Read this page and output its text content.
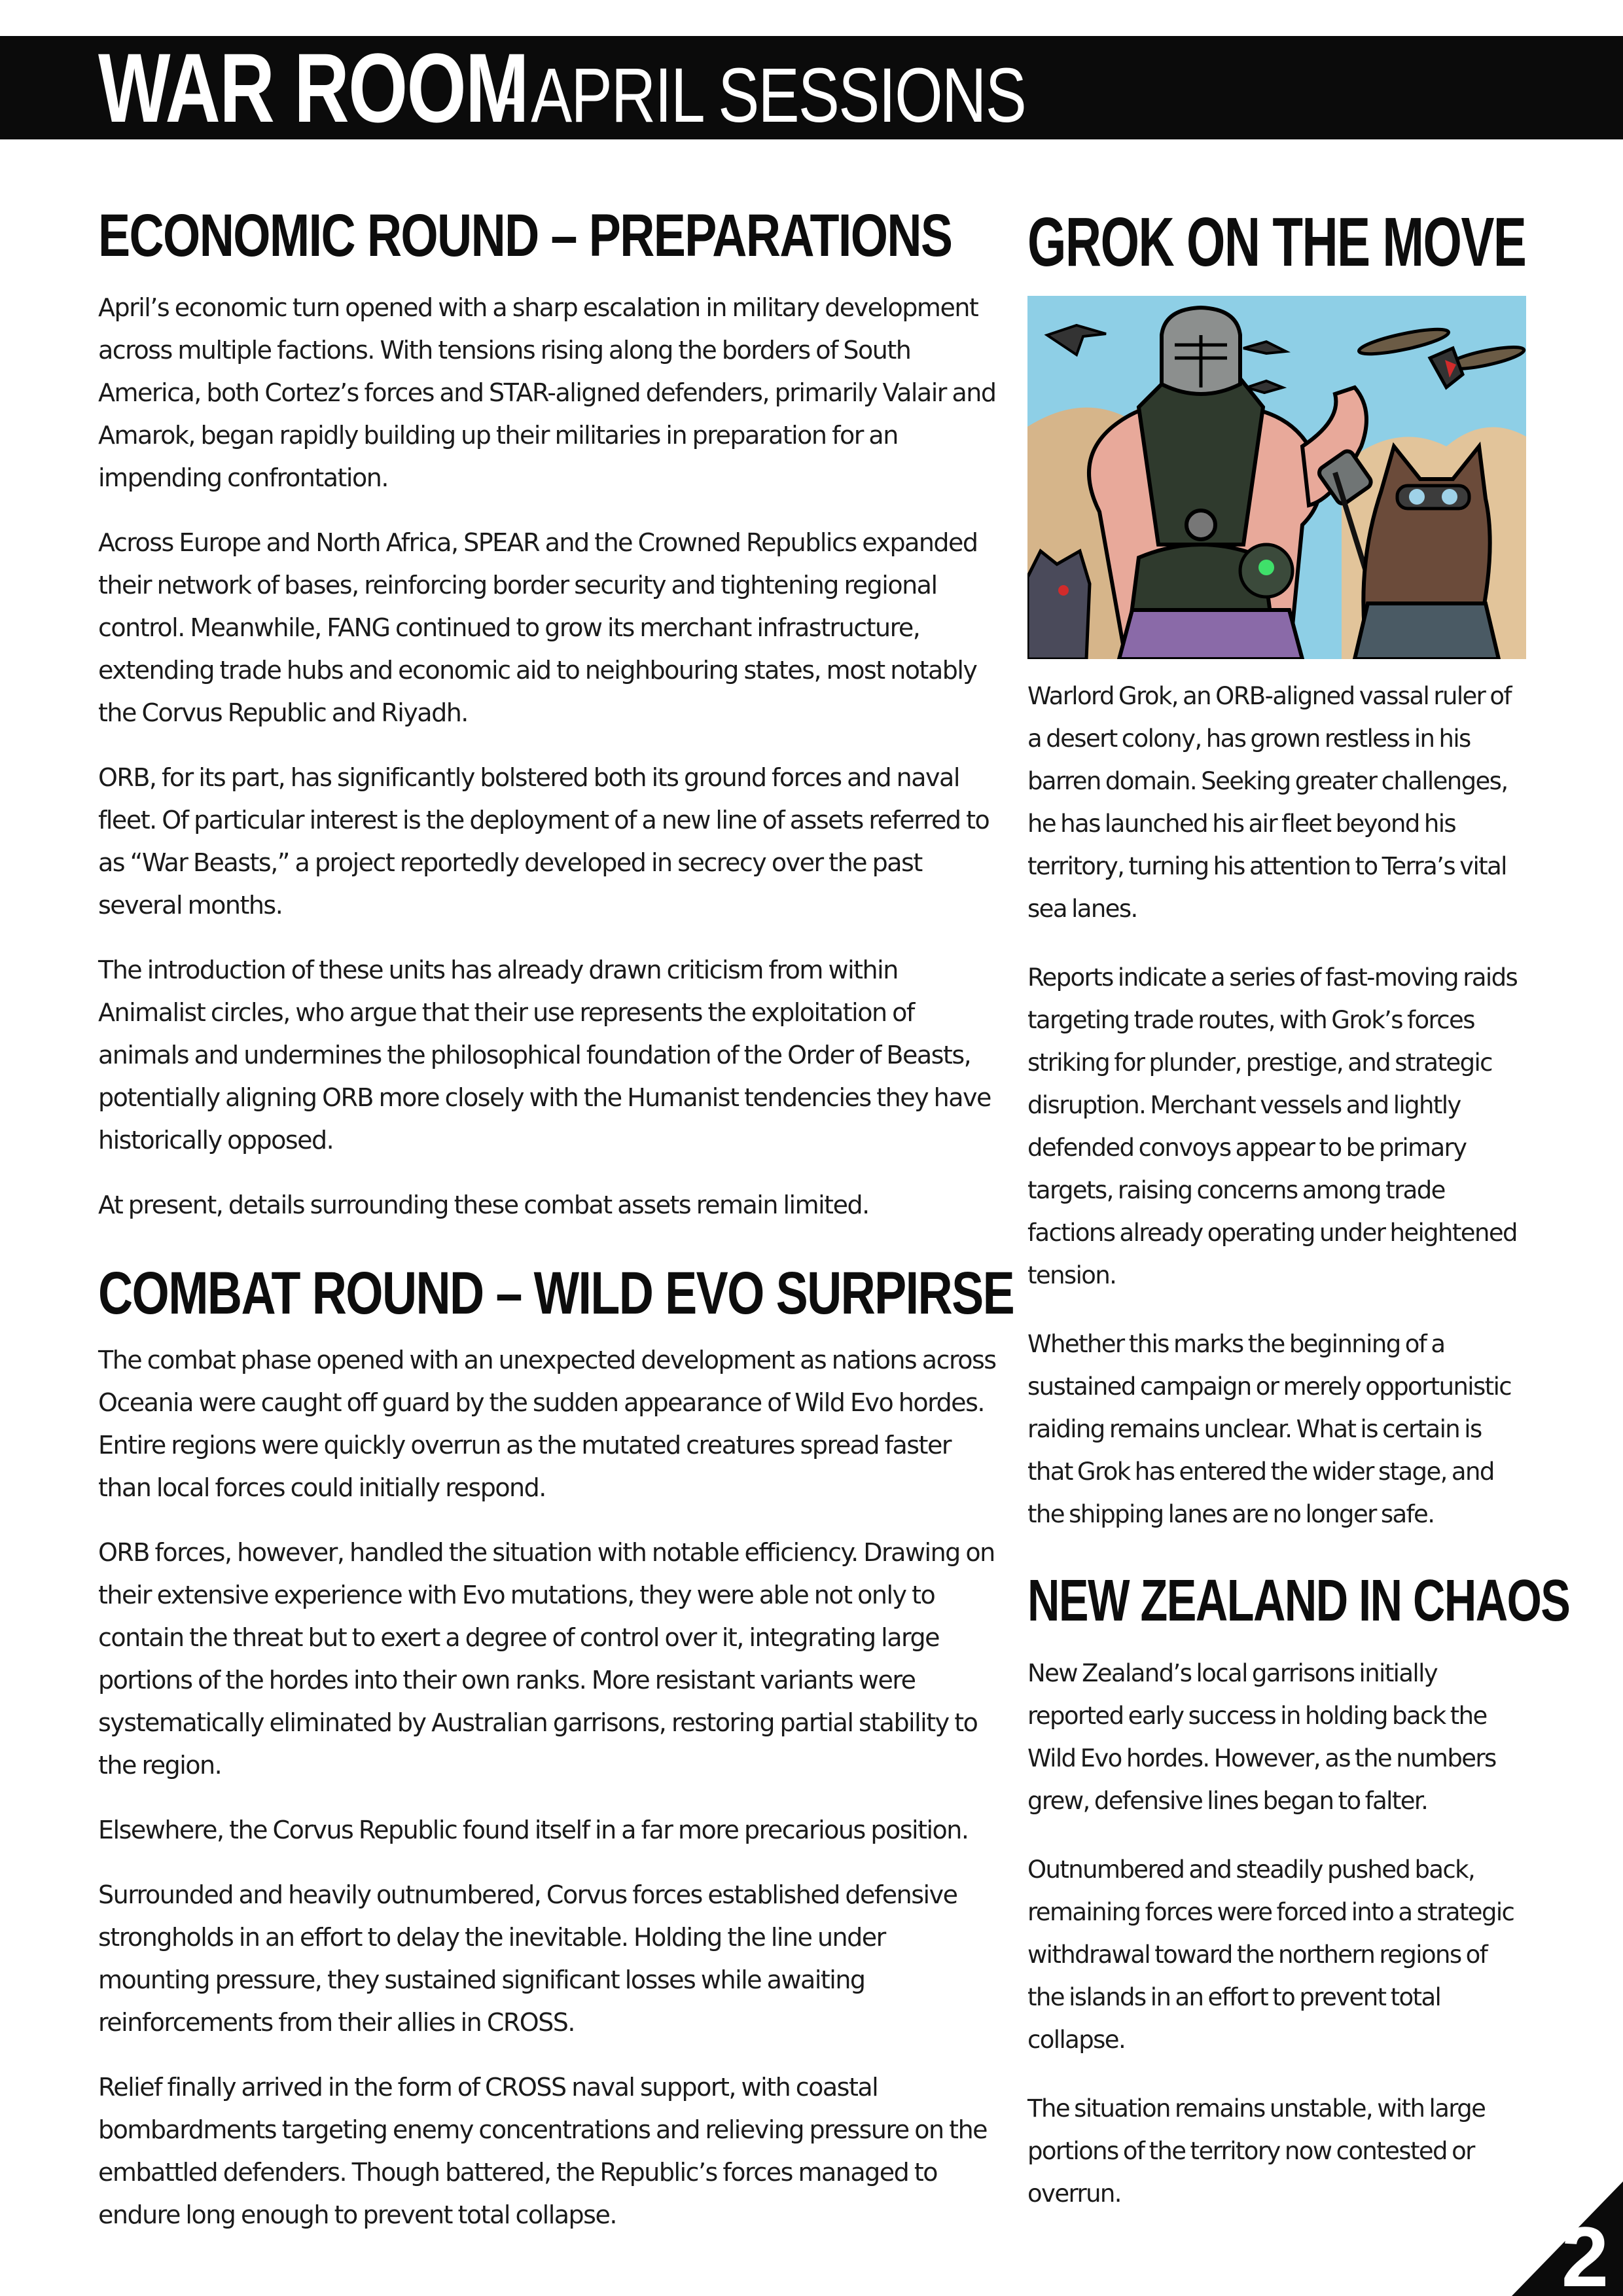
WAR ROOM- APRIL SESSIONS
ECONOMIC ROUND – PREPARATIONS

April’s economic turn opened with a sharp escalation in military development across multiple factions. With tensions rising along the borders of South America, both Cortez’s forces and STAR-aligned defenders, primarily Valair and Amarok, began rapidly building up their militaries in preparation for an impending confrontation.

Across Europe and North Africa, SPEAR and the Crowned Republics expanded their network of bases, reinforcing border security and tightening regional control. Meanwhile, FANG continued to grow its merchant infrastructure, extending trade hubs and economic aid to neighbouring states, most notably the Corvus Republic and Riyadh.

ORB, for its part, has significantly bolstered both its ground forces and naval fleet. Of particular interest is the deployment of a new line of assets referred to as “War Beasts,” a project reportedly developed in secrecy over the past several months.

The introduction of these units has already drawn criticism from within Animalist circles, who argue that their use represents the exploitation of animals and undermines the philosophical foundation of the Order of Beasts, potentially aligning ORB more closely with the Humanist tendencies they have historically opposed.

At present, details surrounding these combat assets remain limited.

COMBAT ROUND – WILD EVO SURPIRSE

The combat phase opened with an unexpected development as nations across Oceania were caught off guard by the sudden appearance of Wild Evo hordes. Entire regions were quickly overrun as the mutated creatures spread faster than local forces could initially respond.

ORB forces, however, handled the situation with notable efficiency. Drawing on their extensive experience with Evo mutations, they were able not only to contain the threat but to exert a degree of control over it, integrating large portions of the hordes into their own ranks. More resistant variants were systematically eliminated by Australian garrisons, restoring partial stability to the region.

Elsewhere, the Corvus Republic found itself in a far more precarious position.

Surrounded and heavily outnumbered, Corvus forces established defensive strongholds in an effort to delay the inevitable. Holding the line under mounting pressure, they sustained significant losses while awaiting reinforcements from their allies in CROSS.

Relief finally arrived in the form of CROSS naval support, with coastal bombardments targeting enemy concentrations and relieving pressure on the embattled defenders. Though battered, the Republic’s forces managed to endure long enough to prevent total collapse.

GROK ON THE MOVE

Warlord Grok, an ORB-aligned vassal ruler of a desert colony, has grown restless in his barren domain. Seeking greater challenges, he has launched his air fleet beyond his territory, turning his attention to Terra’s vital sea lanes.

Reports indicate a series of fast-moving raids targeting trade routes, with Grok’s forces striking for plunder, prestige, and strategic disruption. Merchant vessels and lightly defended convoys appear to be primary targets, raising concerns among trade factions already operating under heightened tension.

Whether this marks the beginning of a sustained campaign or merely opportunistic raiding remains unclear. What is certain is that Grok has entered the wider stage, and the shipping lanes are no longer safe.

NEW ZEALAND IN CHAOS

New Zealand’s local garrisons initially reported early success in holding back the Wild Evo hordes. However, as the numbers grew, defensive lines began to falter.

Outnumbered and steadily pushed back, remaining forces were forced into a strategic withdrawal toward the northern regions of the islands in an effort to prevent total collapse.

The situation remains unstable, with large portions of the territory now contested or overrun.

2
